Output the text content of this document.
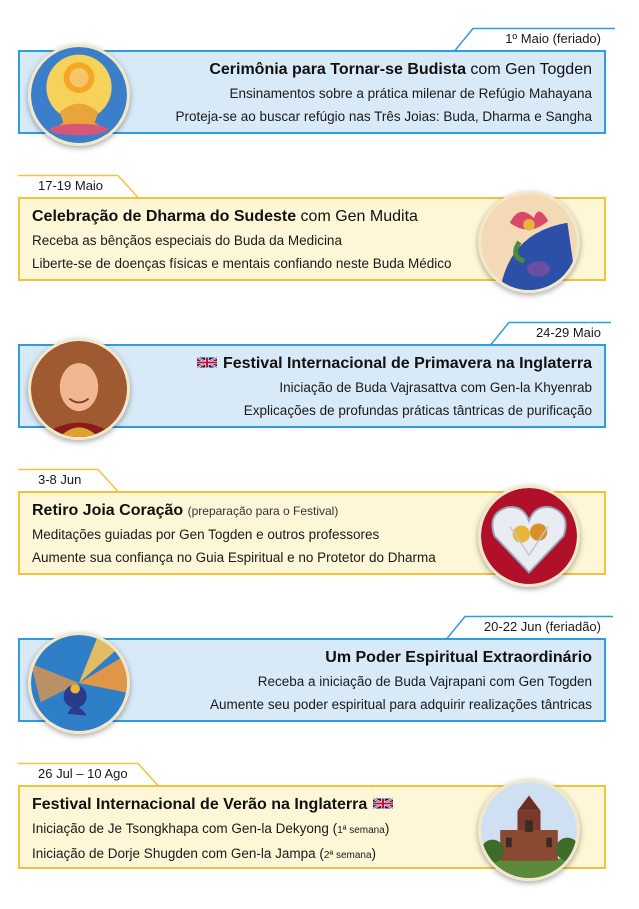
1º Maio (feriado)
Cerimônia para Tornar-se Budista com Gen Togden
Ensinamentos sobre a prática milenar de Refúgio Mahayana
Proteja-se ao buscar refúgio nas Três Joias: Buda, Dharma e Sangha
17-19 Maio
Celebração de Dharma do Sudeste com Gen Mudita
Receba as bênçãos especiais do Buda da Medicina
Liberte-se de doenças físicas e mentais confiando neste Buda Médico
24-29 Maio
Festival Internacional de Primavera na Inglaterra
Iniciação de Buda Vajrasattva com Gen-la Khyenrab
Explicações de profundas práticas tântricas de purificação
3-8 Jun
Retiro Joia Coração (preparação para o Festival)
Meditações guiadas por Gen Togden e outros professores
Aumente sua confiança no Guia Espiritual e no Protetor do Dharma
20-22 Jun (feriadão)
Um Poder Espiritual Extraordinário
Receba a iniciação de Buda Vajrapani com Gen Togden
Aumente seu poder espiritual para adquirir realizações tântricas
26 Jul – 10 Ago
Festival Internacional de Verão na Inglaterra
Iniciação de Je Tsongkhapa com Gen-la Dekyong (1ª semana)
Iniciação de Dorje Shugden com Gen-la Jampa (2ª semana)
